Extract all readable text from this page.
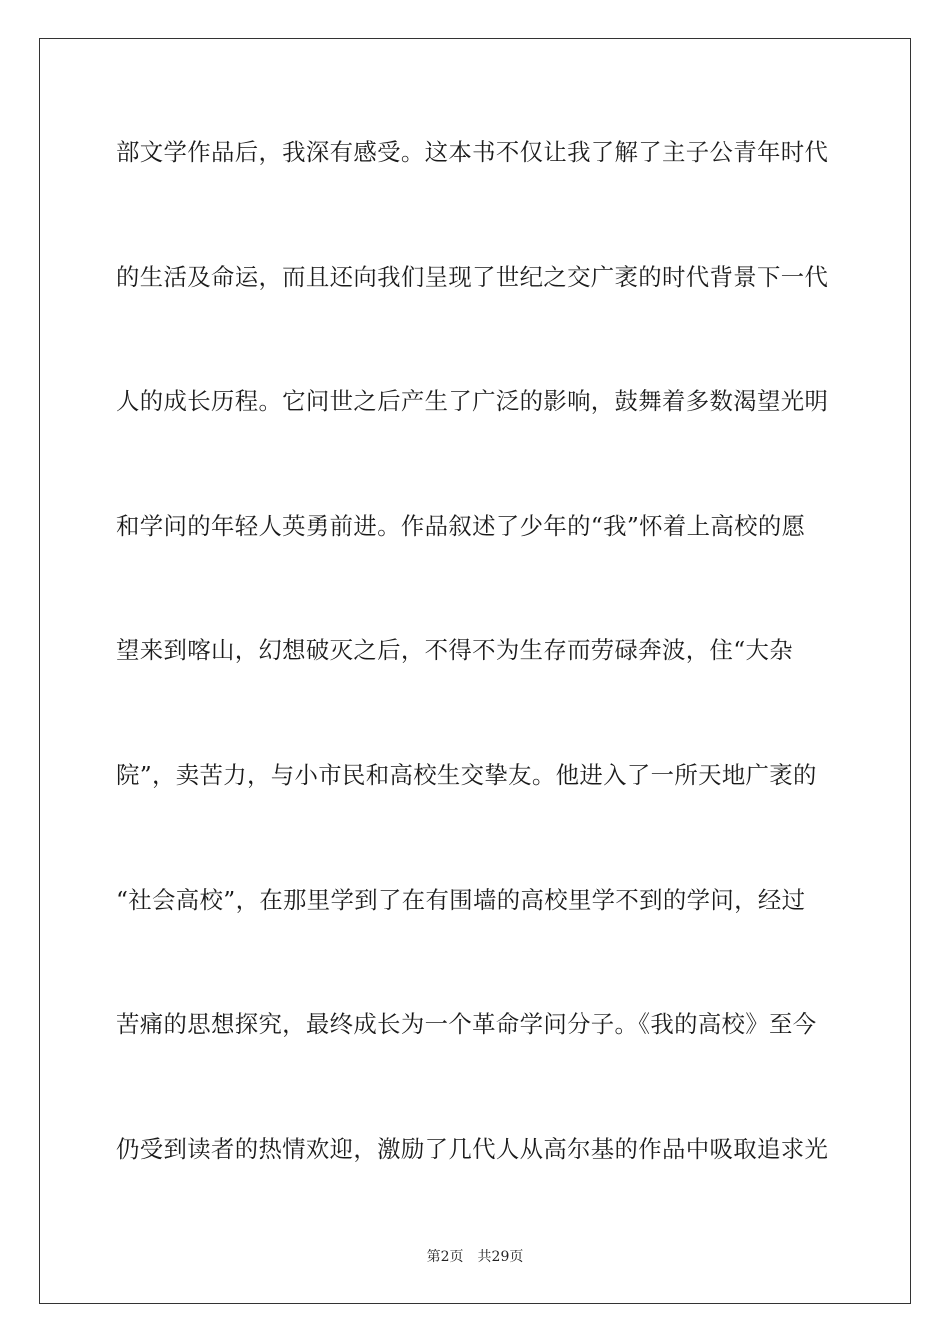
部文学作品后，我深有感受。这本书不仅让我了解了主子公青年时代
的生活及命运，而且还向我们呈现了世纪之交广袤的时代背景下一代
人的成长历程。它问世之后产生了广泛的影响，鼓舞着多数渴望光明
和学问的年轻人英勇前进。作品叙述了少年的“我”怀着上高校的愿
望来到喀山，幻想破灭之后，不得不为生存而劳碌奔波，住“大杂
院”，卖苦力，与小市民和高校生交挚友。他进入了一所天地广袤的
“社会高校”，在那里学到了在有围墙的高校里学不到的学问，经过
苦痛的思想探究，最终成长为一个革命学问分子。《我的高校》至今
仍受到读者的热情欢迎，激励了几代人从高尔基的作品中吸取追求光
第2页 共29页
